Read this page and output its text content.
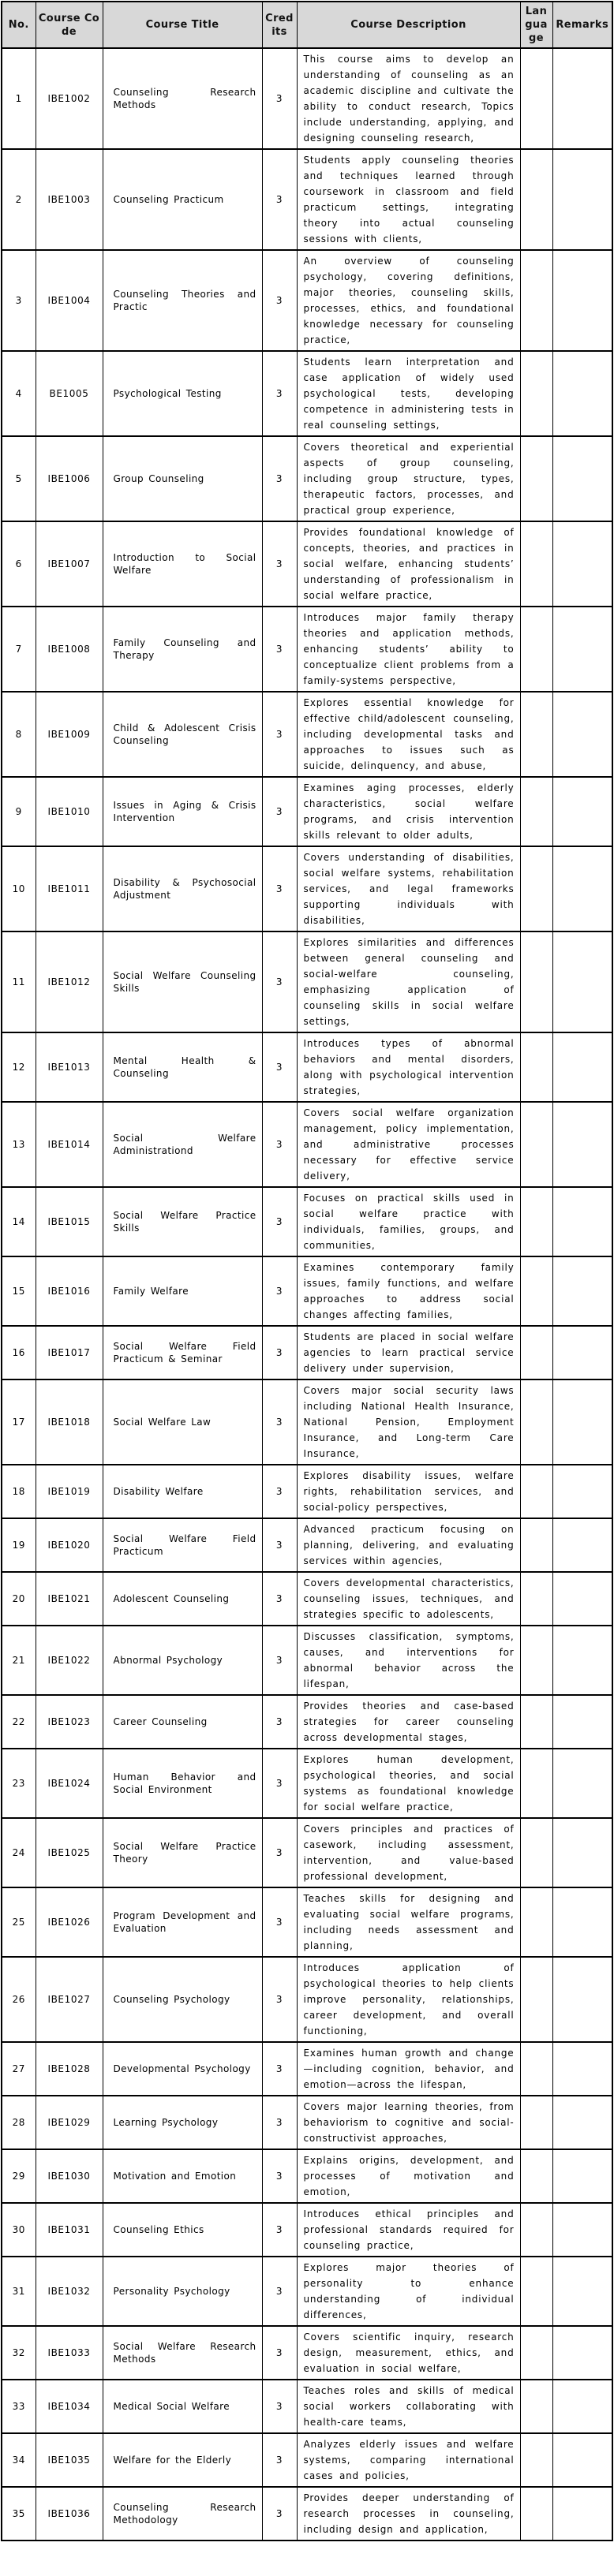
No.	Course Code	Course Title	Credits	Course Description	Language	Remarks
1	IBE1002	Counseling Research Methods	3	This course aims to develop an understanding of counseling as an academic discipline and cultivate the ability to conduct research, Topics include understanding, applying, and designing counseling research,		
2	IBE1003	Counseling Practicum	3	Students apply counseling theories and techniques learned through coursework in classroom and field practicum settings, integrating theory into actual counseling sessions with clients,		
3	IBE1004	Counseling Theories and Practic	3	An overview of counseling psychology, covering definitions, major theories, counseling skills, processes, ethics, and foundational knowledge necessary for counseling practice,		
4	BE1005	Psychological Testing	3	Students learn interpretation and case application of widely used psychological tests, developing competence in administering tests in real counseling settings,		
5	IBE1006	Group Counseling	3	Covers theoretical and experiential aspects of group counseling, including group structure, types, therapeutic factors, processes, and practical group experience,		
6	IBE1007	Introduction to Social Welfare	3	Provides foundational knowledge of concepts, theories, and practices in social welfare, enhancing students’ understanding of professionalism in social welfare practice,		
7	IBE1008	Family Counseling and Therapy	3	Introduces major family therapy theories and application methods, enhancing students’ ability to conceptualize client problems from a family-systems perspective,		
8	IBE1009	Child & Adolescent Crisis Counseling	3	Explores essential knowledge for effective child/adolescent counseling, including developmental tasks and approaches to issues such as suicide, delinquency, and abuse,		
9	IBE1010	Issues in Aging & Crisis Intervention	3	Examines aging processes, elderly characteristics, social welfare programs, and crisis intervention skills relevant to older adults,		
10	IBE1011	Disability & Psychosocial Adjustment	3	Covers understanding of disabilities, social welfare systems, rehabilitation services, and legal frameworks supporting individuals with disabilities,		
11	IBE1012	Social Welfare Counseling Skills	3	Explores similarities and differences between general counseling and social-welfare counseling, emphasizing application of counseling skills in social welfare settings,		
12	IBE1013	Mental Health & Counseling	3	Introduces types of abnormal behaviors and mental disorders, along with psychological intervention strategies,		
13	IBE1014	Social Welfare Administrationd	3	Covers social welfare organization management, policy implementation, and administrative processes necessary for effective service delivery,		
14	IBE1015	Social Welfare Practice Skills	3	Focuses on practical skills used in social welfare practice with individuals, families, groups, and communities,		
15	IBE1016	Family Welfare	3	Examines contemporary family issues, family functions, and welfare approaches to address social changes affecting families,		
16	IBE1017	Social Welfare Field Practicum & Seminar	3	Students are placed in social welfare agencies to learn practical service delivery under supervision,		
17	IBE1018	Social Welfare Law	3	Covers major social security laws including National Health Insurance, National Pension, Employment Insurance, and Long-term Care Insurance,		
18	IBE1019	Disability Welfare	3	Explores disability issues, welfare rights, rehabilitation services, and social-policy perspectives,		
19	IBE1020	Social Welfare Field Practicum	3	Advanced practicum focusing on planning, delivering, and evaluating services within agencies,		
20	IBE1021	Adolescent Counseling	3	Covers developmental characteristics, counseling issues, techniques, and strategies specific to adolescents,		
21	IBE1022	Abnormal Psychology	3	Discusses classification, symptoms, causes, and interventions for abnormal behavior across the lifespan,		
22	IBE1023	Career Counseling	3	Provides theories and case-based strategies for career counseling across developmental stages,		
23	IBE1024	Human Behavior and Social Environment	3	Explores human development, psychological theories, and social systems as foundational knowledge for social welfare practice,		
24	IBE1025	Social Welfare Practice Theory	3	Covers principles and practices of casework, including assessment, intervention, and value-based professional development,		
25	IBE1026	Program Development and Evaluation	3	Teaches skills for designing and evaluating social welfare programs, including needs assessment and planning,		
26	IBE1027	Counseling Psychology	3	Introduces application of psychological theories to help clients improve personality, relationships, career development, and overall functioning,		
27	IBE1028	Developmental Psychology	3	Examines human growth and change—including cognition, behavior, and emotion—across the lifespan,		
28	IBE1029	Learning Psychology	3	Covers major learning theories, from behaviorism to cognitive and social-constructivist approaches,		
29	IBE1030	Motivation and Emotion	3	Explains origins, development, and processes of motivation and emotion,		
30	IBE1031	Counseling Ethics	3	Introduces ethical principles and professional standards required for counseling practice,		
31	IBE1032	Personality Psychology	3	Explores major theories of personality to enhance understanding of individual differences,		
32	IBE1033	Social Welfare Research Methods	3	Covers scientific inquiry, research design, measurement, ethics, and evaluation in social welfare,		
33	IBE1034	Medical Social Welfare	3	Teaches roles and skills of medical social workers collaborating with health-care teams,		
34	IBE1035	Welfare for the Elderly	3	Analyzes elderly issues and welfare systems, comparing international cases and policies,		
35	IBE1036	Counseling Research Methodology	3	Provides deeper understanding of research processes in counseling, including design and application,		
